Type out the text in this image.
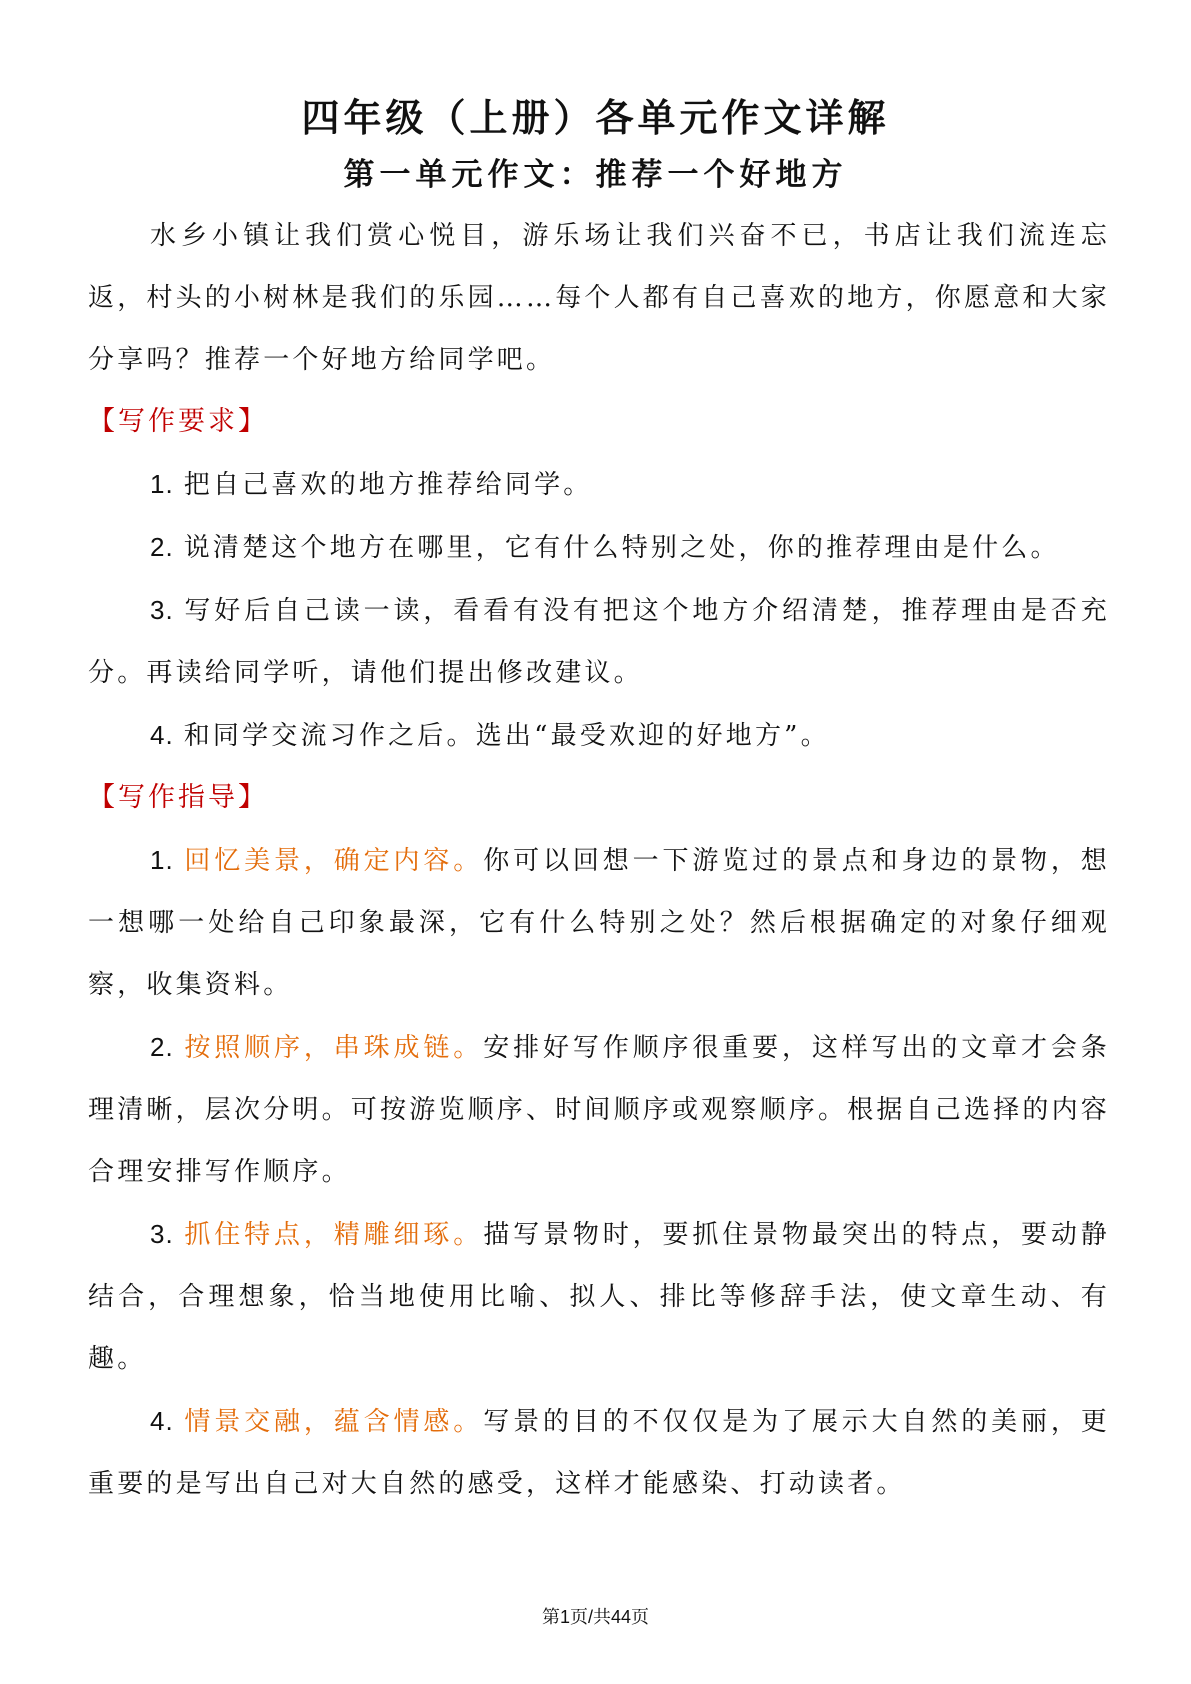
四年级（上册）各单元作文详解
第一单元作文：推荐一个好地方

水乡小镇让我们赏心悦目，游乐场让我们兴奋不已，书店让我们流连忘返，村头的小树林是我们的乐园……每个人都有自己喜欢的地方，你愿意和大家分享吗？推荐一个好地方给同学吧。

【写作要求】

1. 把自己喜欢的地方推荐给同学。

2. 说清楚这个地方在哪里，它有什么特别之处，你的推荐理由是什么。

3. 写好后自己读一读，看看有没有把这个地方介绍清楚，推荐理由是否充分。再读给同学听，请他们提出修改建议。

4. 和同学交流习作之后。选出“最受欢迎的好地方”。

【写作指导】

1. 回忆美景，确定内容。你可以回想一下游览过的景点和身边的景物，想一想哪一处给自己印象最深，它有什么特别之处？然后根据确定的对象仔细观察，收集资料。

2. 按照顺序，串珠成链。安排好写作顺序很重要，这样写出的文章才会条理清晰，层次分明。可按游览顺序、时间顺序或观察顺序。根据自己选择的内容合理安排写作顺序。

3. 抓住特点，精雕细琢。描写景物时，要抓住景物最突出的特点，要动静结合，合理想象，恰当地使用比喻、拟人、排比等修辞手法，使文章生动、有趣。

4. 情景交融，蕴含情感。写景的目的不仅仅是为了展示大自然的美丽，更重要的是写出自己对大自然的感受，这样才能感染、打动读者。

第1页/共44页
